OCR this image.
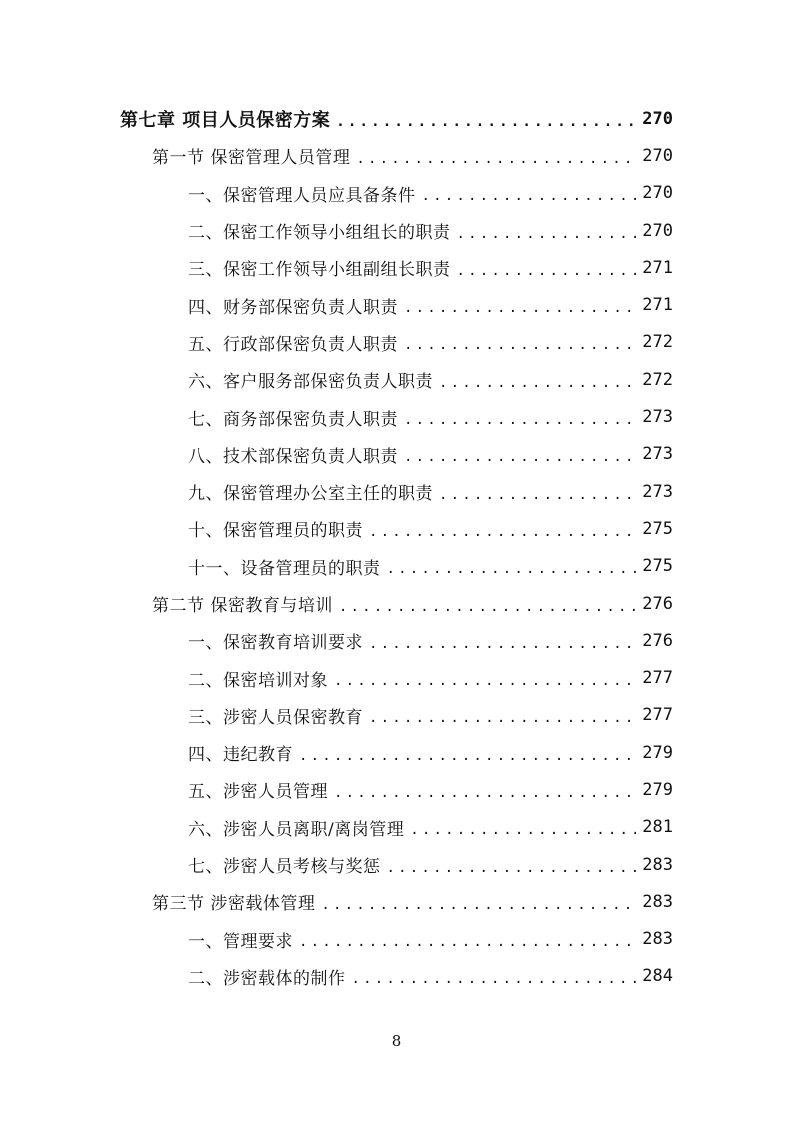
第七章 项目人员保密方案 .....	270
第一节 保密管理人员管理 .....	270
一、保密管理人员应具备条件 .....	270
二、保密工作领导小组组长的职责 .....	270
三、保密工作领导小组副组长职责 .....	271
四、财务部保密负责人职责 .....	271
五、行政部保密负责人职责 .....	272
六、客户服务部保密负责人职责 .....	272
七、商务部保密负责人职责 .....	273
八、技术部保密负责人职责 .....	273
九、保密管理办公室主任的职责 .....	273
十、保密管理员的职责 .....	275
十一、设备管理员的职责 .....	275
第二节 保密教育与培训 .....	276
一、保密教育培训要求 .....	276
二、保密培训对象 .....	277
三、涉密人员保密教育 .....	277
四、违纪教育 .....	279
五、涉密人员管理 .....	279
六、涉密人员离职/离岗管理 .....	281
七、涉密人员考核与奖惩 .....	283
第三节 涉密载体管理 .....	283
一、管理要求 .....	283
二、涉密载体的制作 .....	284
8
